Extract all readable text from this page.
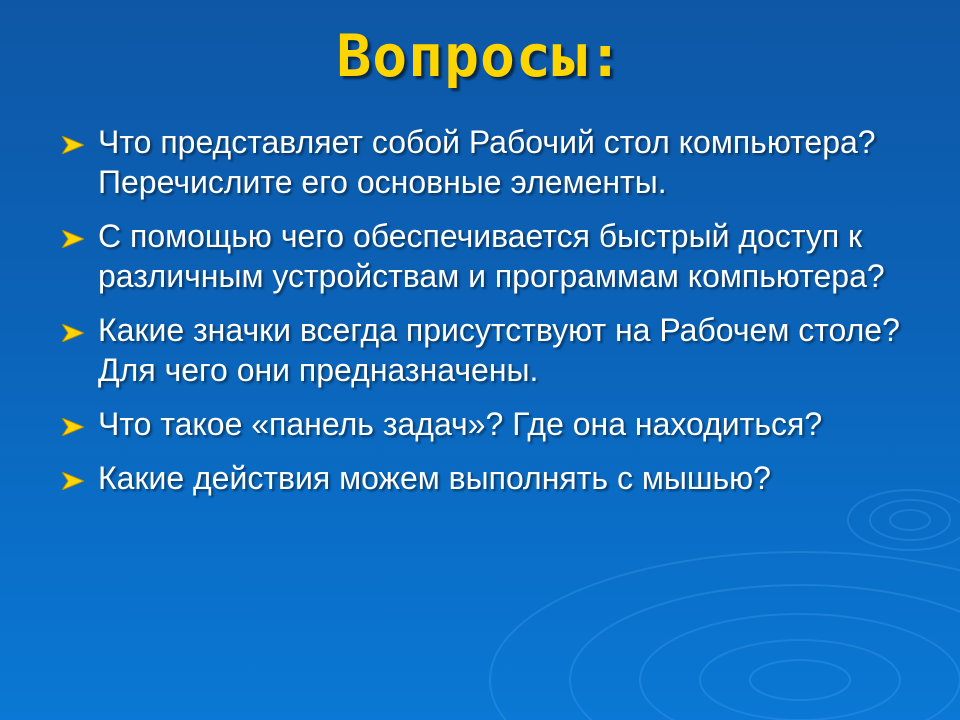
Вопросы:
Что представляет собой Рабочий стол компьютера? Перечислите его основные элементы.
С помощью чего обеспечивается быстрый доступ к различным устройствам и программам компьютера?
Какие значки всегда присутствуют на Рабочем столе? Для чего они предназначены.
Что такое «панель задач»? Где она находиться?
Какие действия можем выполнять с мышью?
